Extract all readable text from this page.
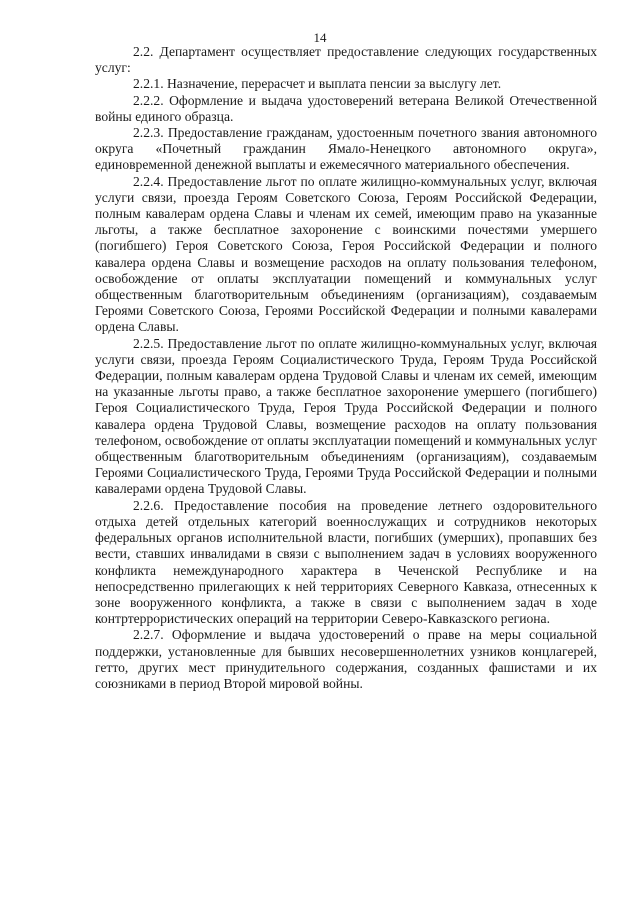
14

2.2. Департамент осуществляет предоставление следующих государственных услуг:

2.2.1. Назначение, перерасчет и выплата пенсии за выслугу лет.

2.2.2. Оформление и выдача удостоверений ветерана Великой Отечественной войны единого образца.

2.2.3. Предоставление гражданам, удостоенным почетного звания автономного округа «Почетный гражданин Ямало-Ненецкого автономного округа», единовременной денежной выплаты и ежемесячного материального обеспечения.

2.2.4. Предоставление льгот по оплате жилищно-коммунальных услуг, включая услуги связи, проезда Героям Советского Союза, Героям Российской Федерации, полным кавалерам ордена Славы и членам их семей, имеющим право на указанные льготы, а также бесплатное захоронение с воинскими почестями умершего (погибшего) Героя Советского Союза, Героя Российской Федерации и полного кавалера ордена Славы и возмещение расходов на оплату пользования телефоном, освобождение от оплаты эксплуатации помещений и коммунальных услуг общественным благотворительным объединениям (организациям), создаваемым Героями Советского Союза, Героями Российской Федерации и полными кавалерами ордена Славы.

2.2.5. Предоставление льгот по оплате жилищно-коммунальных услуг, включая услуги связи, проезда Героям Социалистического Труда, Героям Труда Российской Федерации, полным кавалерам ордена Трудовой Славы и членам их семей, имеющим на указанные льготы право, а также бесплатное захоронение умершего (погибшего) Героя Социалистического Труда, Героя Труда Российской Федерации и полного кавалера ордена Трудовой Славы, возмещение расходов на оплату пользования телефоном, освобождение от оплаты эксплуатации помещений и коммунальных услуг общественным благотворительным объединениям (организациям), создаваемым Героями Социалистического Труда, Героями Труда Российской Федерации и полными кавалерами ордена Трудовой Славы.

2.2.6. Предоставление пособия на проведение летнего оздоровительного отдыха детей отдельных категорий военнослужащих и сотрудников некоторых федеральных органов исполнительной власти, погибших (умерших), пропавших без вести, ставших инвалидами в связи с выполнением задач в условиях вооруженного конфликта немеждународного характера в Чеченской Республике и на непосредственно прилегающих к ней территориях Северного Кавказа, отнесенных к зоне вооруженного конфликта, а также в связи с выполнением задач в ходе контртеррористических операций на территории Северо-Кавказского региона.

2.2.7. Оформление и выдача удостоверений о праве на меры социальной поддержки, установленные для бывших несовершеннолетних узников концлагерей, гетто, других мест принудительного содержания, созданных фашистами и их союзниками в период Второй мировой войны.
